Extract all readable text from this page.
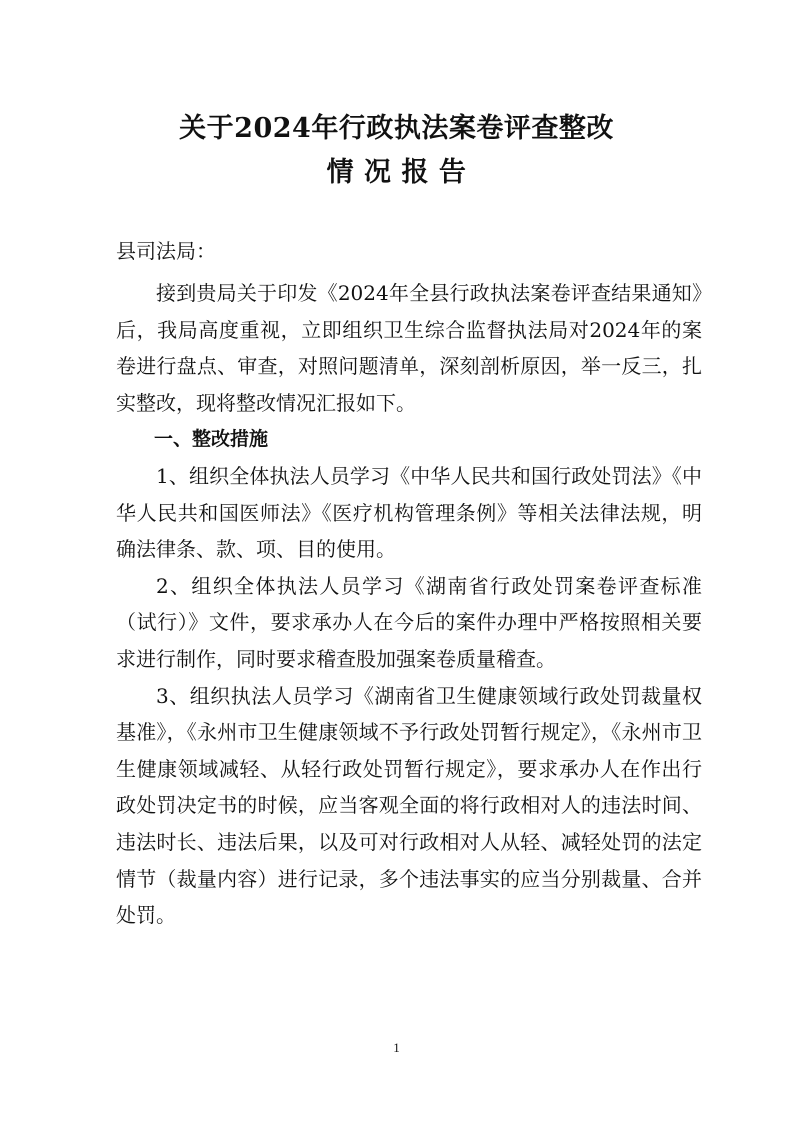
关于2024年行政执法案卷评查整改
情 况 报 告
县司法局：

接到贵局关于印发《2024年全县行政执法案卷评查结果通知》后，我局高度重视，立即组织卫生综合监督执法局对2024年的案卷进行盘点、审查，对照问题清单，深刻剖析原因，举一反三，扎实整改，现将整改情况汇报如下。

一、整改措施

1、组织全体执法人员学习《中华人民共和国行政处罚法》《中华人民共和国医师法》《医疗机构管理条例》等相关法律法规，明确法律条、款、项、目的使用。

2、组织全体执法人员学习《湖南省行政处罚案卷评查标准（试行）》文件，要求承办人在今后的案件办理中严格按照相关要求进行制作，同时要求稽查股加强案卷质量稽查。

3、组织执法人员学习《湖南省卫生健康领域行政处罚裁量权基准》，《永州市卫生健康领域不予行政处罚暂行规定》，《永州市卫生健康领域减轻、从轻行政处罚暂行规定》，要求承办人在作出行政处罚决定书的时候，应当客观全面的将行政相对人的违法时间、违法时长、违法后果，以及可对行政相对人从轻、减轻处罚的法定情节（裁量内容）进行记录，多个违法事实的应当分别裁量、合并处罚。

1
